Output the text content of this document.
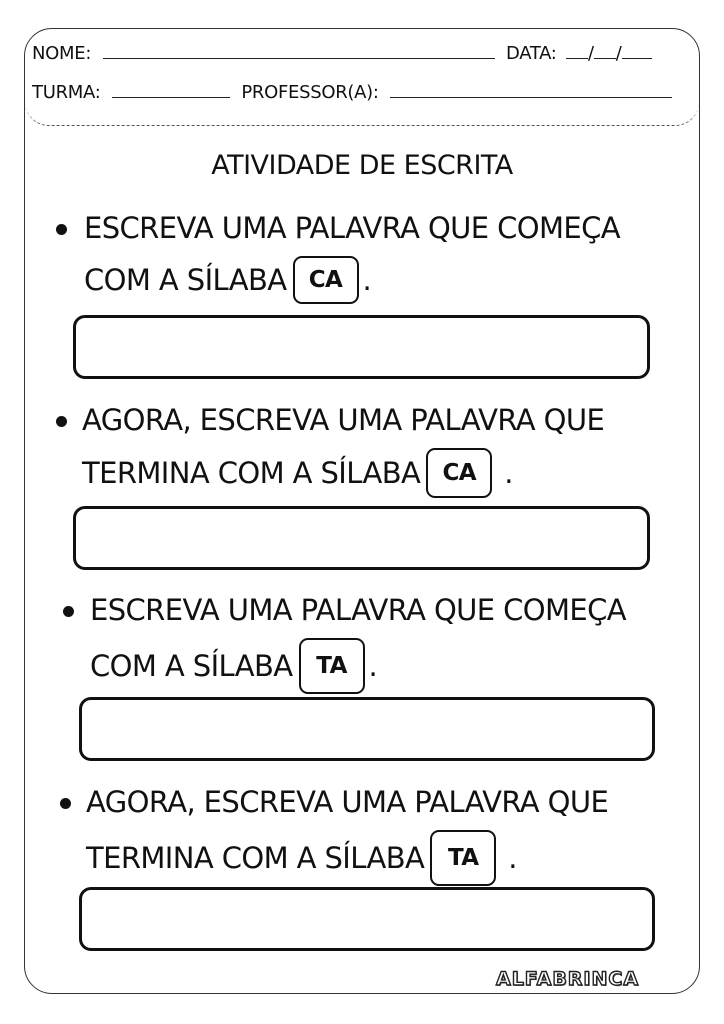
NOME:	DATA: / /
TURMA:	PROFESSOR(A):
ATIVIDADE DE ESCRITA
ESCREVA UMA PALAVRA QUE COMEÇA
COM A SÍLABA CA .
AGORA, ESCREVA UMA PALAVRA QUE
TERMINA COM A SÍLABA CA .
ESCREVA UMA PALAVRA QUE COMEÇA
COM A SÍLABA TA .
AGORA, ESCREVA UMA PALAVRA QUE
TERMINA COM A SÍLABA TA .
ALFABRINCA
